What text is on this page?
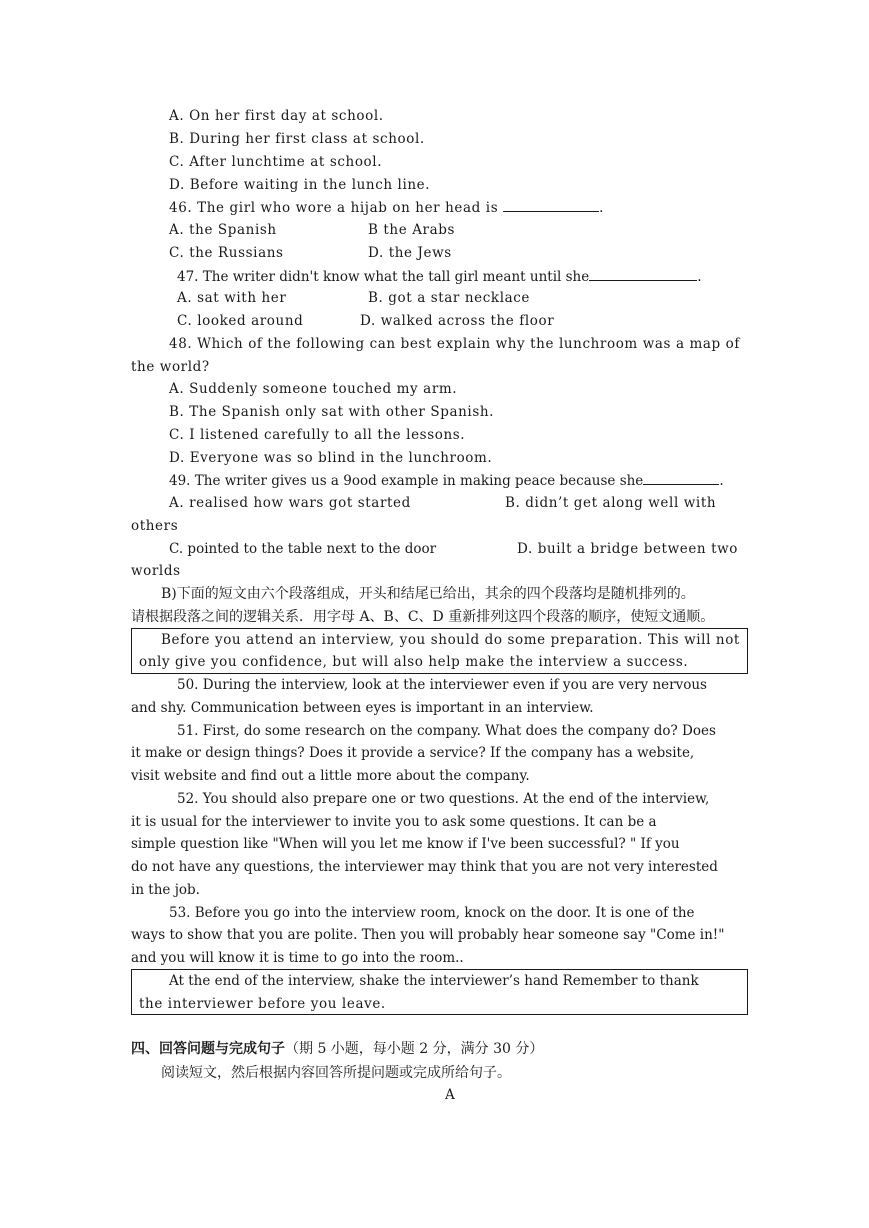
A. On her first day at school.
B. During her first class at school.
C. After lunchtime at school.
D. Before waiting in the lunch line.
46. The girl who wore a hijab on her head is	.
A. the Spanish	B the Arabs
C. the Russians	D. the Jews
47. The writer didn't know what the tall girl meant until she	.
A. sat with her	B. got a star necklace
C. looked around	D. walked across the floor
48. Which of the following can best explain why the lunchroom was a map of
the world?
A. Suddenly someone touched my arm.
B. The Spanish only sat with other Spanish.
C. I listened carefully to all the lessons.
D. Everyone was so blind in the lunchroom.
49. The writer gives us a 9ood example in making peace because she	.
A. realised how wars got started	B. didn’t get along well with
others
C. pointed to the table next to the door	D. built a bridge between two
worlds
B)下面的短文由六个段落组成，开头和结尾已给出，其余的四个段落均是随机排列的。
请根据段落之间的逻辑关系．用字母 A、B、C、D 重新排列这四个段落的顺序，使短文通顺。
Before you attend an interview, you should do some preparation. This will not
only give you confidence, but will also help make the interview a success.
50. During the interview, look at the interviewer even if you are very nervous
and shy. Communication between eyes is important in an interview.
51. First, do some research on the company. What does the company do? Does
it make or design things? Does it provide a service? If the company has a website,
visit website and find out a little more about the company.
52. You should also prepare one or two questions. At the end of the interview,
it is usual for the interviewer to invite you to ask some questions. It can be a
simple question like "When will you let me know if I've been successful? " If you
do not have any questions, the interviewer may think that you are not very interested
in the job.
53. Before you go into the interview room, knock on the door. It is one of the
ways to show that you are polite. Then you will probably hear someone say "Come in!"
and you will know it is time to go into the room..
At the end of the interview, shake the interviewer’s hand Remember to thank
the interviewer before you leave.
四、回答问题与完成句子（期 5 小题，每小题 2 分，满分 30 分）
阅读短文，然后根据内容回答所提问题或完成所给句子。
A
